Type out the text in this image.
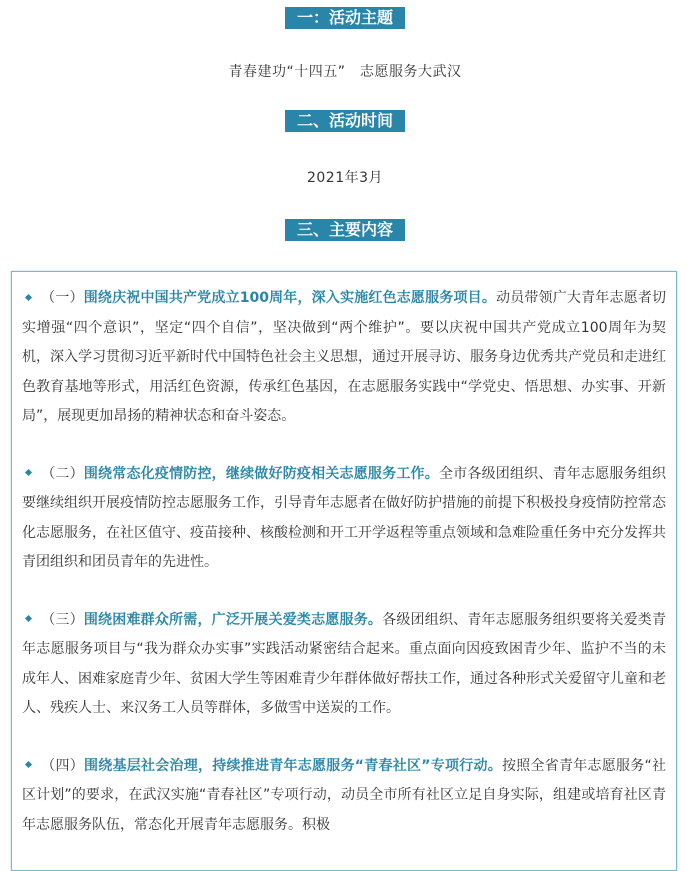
一：活动主题
青春建功“十四五”　志愿服务大武汉
二、活动时间
2021年3月
三、主要内容

（一）围绕庆祝中国共产党成立100周年，深入实施红色志愿服务项目。动员带领广大青年志愿者切实增强“四个意识”，坚定“四个自信”，坚决做到“两个维护”。要以庆祝中国共产党成立100周年为契机，深入学习贯彻习近平新时代中国特色社会主义思想，通过开展寻访、服务身边优秀共产党员和走进红色教育基地等形式，用活红色资源，传承红色基因，在志愿服务实践中“学党史、悟思想、办实事、开新局”，展现更加昂扬的精神状态和奋斗姿态。

（二）围绕常态化疫情防控，继续做好防疫相关志愿服务工作。全市各级团组织、青年志愿服务组织要继续组织开展疫情防控志愿服务工作，引导青年志愿者在做好防护措施的前提下积极投身疫情防控常态化志愿服务，在社区值守、疫苗接种、核酸检测和开工开学返程等重点领域和急难险重任务中充分发挥共青团组织和团员青年的先进性。

（三）围绕困难群众所需，广泛开展关爱类志愿服务。各级团组织、青年志愿服务组织要将关爱类青年志愿服务项目与“我为群众办实事”实践活动紧密结合起来。重点面向因疫致困青少年、监护不当的未成年人、困难家庭青少年、贫困大学生等困难青少年群体做好帮扶工作，通过各种形式关爱留守儿童和老人、残疾人士、来汉务工人员等群体，多做雪中送炭的工作。

（四）围绕基层社会治理，持续推进青年志愿服务“青春社区”专项行动。按照全省青年志愿服务“社区计划”的要求，在武汉实施“青春社区”专项行动，动员全市所有社区立足自身实际，组建或培育社区青年志愿服务队伍，常态化开展青年志愿服务。积极
